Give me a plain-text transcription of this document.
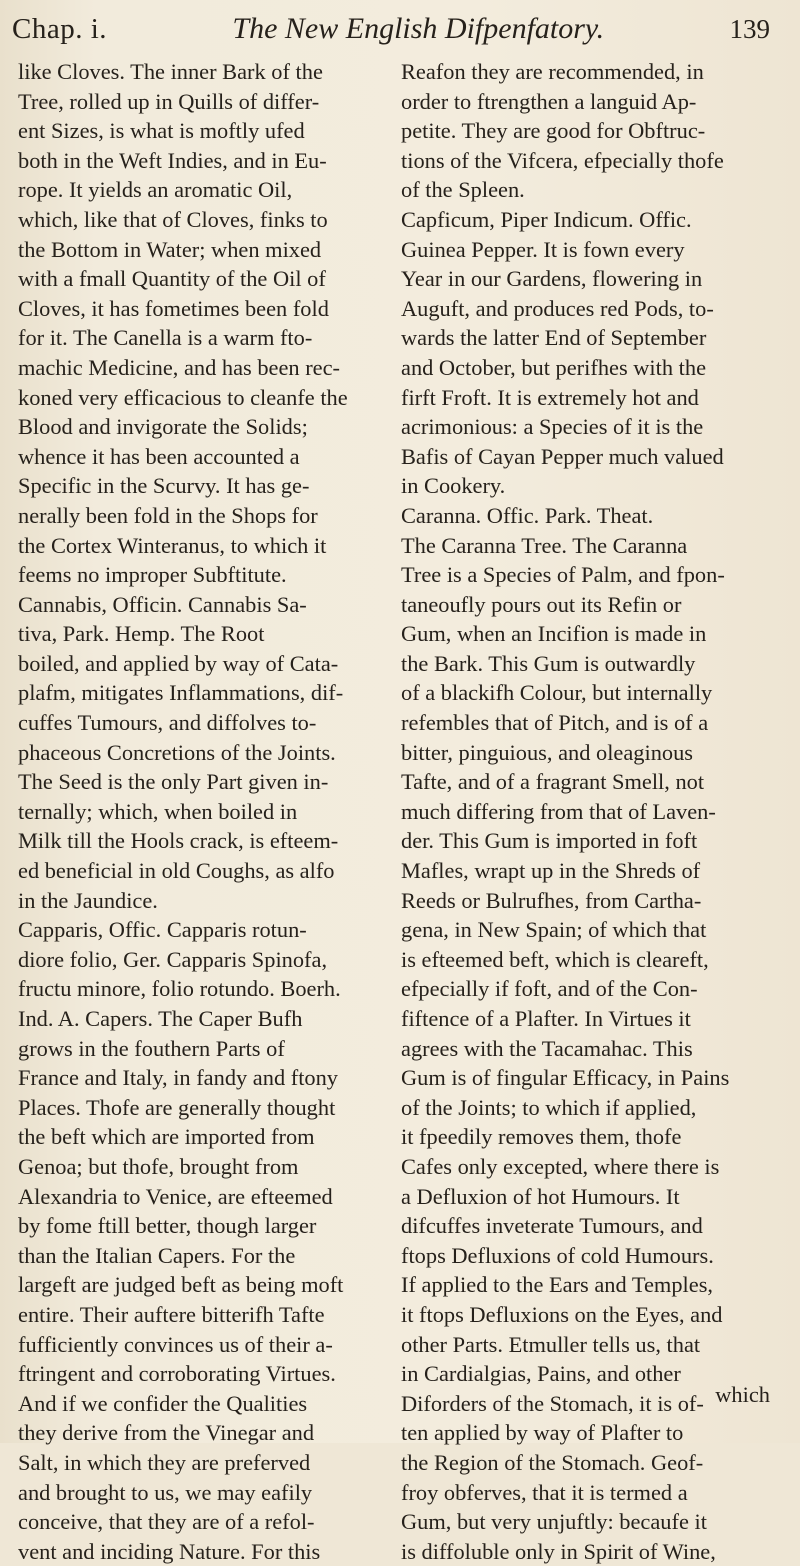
Chap. i.	The New English Difpenfatory.	139
like Cloves. The inner Bark of the
Tree, rolled up in Quills of differ-
ent Sizes, is what is moftly ufed
both in the Weft Indies, and in Eu-
rope. It yields an aromatic Oil,
which, like that of Cloves, finks to
the Bottom in Water; when mixed
with a fmall Quantity of the Oil of
Cloves, it has fometimes been fold
for it. The Canella is a warm fto-
machic Medicine, and has been rec-
koned very efficacious to cleanfe the
Blood and invigorate the Solids;
whence it has been accounted a
Specific in the Scurvy. It has ge-
nerally been fold in the Shops for
the Cortex Winteranus, to which it
feems no improper Subftitute.
Cannabis, Officin. Cannabis Sa-
tiva, Park. Hemp. The Root
boiled, and applied by way of Cata-
plafm, mitigates Inflammations, dif-
cuffes Tumours, and diffolves to-
phaceous Concretions of the Joints.
The Seed is the only Part given in-
ternally; which, when boiled in
Milk till the Hools crack, is efteem-
ed beneficial in old Coughs, as alfo
in the Jaundice.
Capparis, Offic. Capparis rotun-
diore folio, Ger. Capparis Spinofa,
fructu minore, folio rotundo. Boerh.
Ind. A. Capers. The Caper Bufh
grows in the fouthern Parts of
France and Italy, in fandy and ftony
Places. Thofe are generally thought
the beft which are imported from
Genoa; but thofe, brought from
Alexandria to Venice, are efteemed
by fome ftill better, though larger
than the Italian Capers. For the
largeft are judged beft as being moft
entire. Their auftere bitterifh Tafte
fufficiently convinces us of their a-
ftringent and corroborating Virtues.
And if we confider the Qualities
they derive from the Vinegar and
Salt, in which they are preferved
and brought to us, we may eafily
conceive, that they are of a refol-
vent and inciding Nature. For this
Reafon they are recommended, in
order to ftrengthen a languid Ap-
petite. They are good for Obftruc-
tions of the Vifcera, efpecially thofe
of the Spleen.
Capficum, Piper Indicum. Offic.
Guinea Pepper. It is fown every
Year in our Gardens, flowering in
Auguft, and produces red Pods, to-
wards the latter End of September
and October, but perifhes with the
firft Froft. It is extremely hot and
acrimonious: a Species of it is the
Bafis of Cayan Pepper much valued
in Cookery.
Caranna. Offic. Park. Theat.
The Caranna Tree. The Caranna
Tree is a Species of Palm, and fpon-
taneoufly pours out its Refin or
Gum, when an Incifion is made in
the Bark. This Gum is outwardly
of a blackifh Colour, but internally
refembles that of Pitch, and is of a
bitter, pinguious, and oleaginous
Tafte, and of a fragrant Smell, not
much differing from that of Laven-
der. This Gum is imported in foft
Mafles, wrapt up in the Shreds of
Reeds or Bulrufhes, from Cartha-
gena, in New Spain; of which that
is efteemed beft, which is cleareft,
efpecially if foft, and of the Con-
fiftence of a Plafter. In Virtues it
agrees with the Tacamahac. This
Gum is of fingular Efficacy, in Pains
of the Joints; to which if applied,
it fpeedily removes them, thofe
Cafes only excepted, where there is
a Defluxion of hot Humours. It
difcuffes inveterate Tumours, and
ftops Defluxions of cold Humours.
If applied to the Ears and Temples,
it ftops Defluxions on the Eyes, and
other Parts. Etmuller tells us, that
in Cardialgias, Pains, and other
Diforders of the Stomach, it is of-
ten applied by way of Plafter to
the Region of the Stomach. Geof-
froy obferves, that it is termed a
Gum, but very unjuftly: becaufe it
is diffoluble only in Spirit of Wine,
which
